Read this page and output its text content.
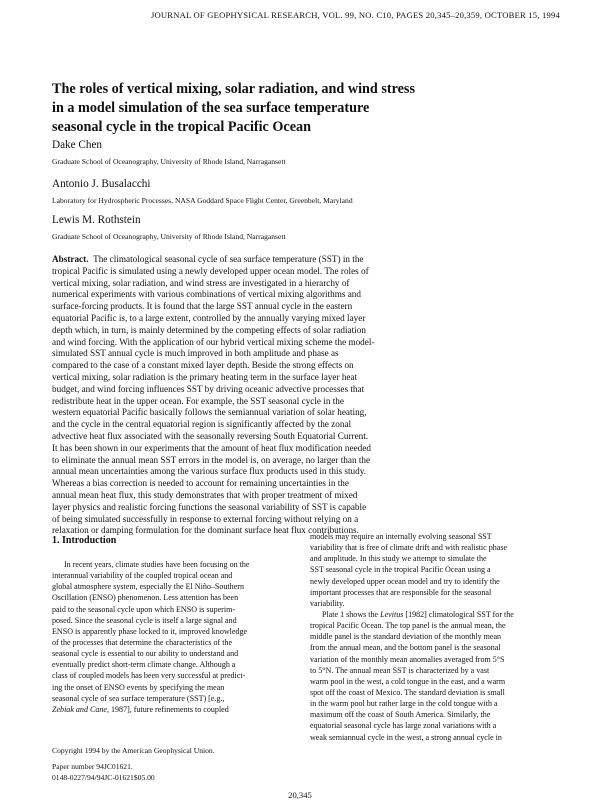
JOURNAL OF GEOPHYSICAL RESEARCH, VOL. 99, NO. C10, PAGES 20,345–20,359, OCTOBER 15, 1994
The roles of vertical mixing, solar radiation, and wind stress
in a model simulation of the sea surface temperature
seasonal cycle in the tropical Pacific Ocean
Dake Chen
Graduate School of Oceanography, University of Rhode Island, Narragansett
Antonio J. Busalacchi
Laboratory for Hydrospheric Processes, NASA Goddard Space Flight Center, Greenbelt, Maryland
Lewis M. Rothstein
Graduate School of Oceanography, University of Rhode Island, Narragansett
Abstract. The climatological seasonal cycle of sea surface temperature (SST) in the
tropical Pacific is simulated using a newly developed upper ocean model. The roles of
vertical mixing, solar radiation, and wind stress are investigated in a hierarchy of
numerical experiments with various combinations of vertical mixing algorithms and
surface-forcing products. It is found that the large SST annual cycle in the eastern
equatorial Pacific is, to a large extent, controlled by the annually varying mixed layer
depth which, in turn, is mainly determined by the competing effects of solar radiation
and wind forcing. With the application of our hybrid vertical mixing scheme the model-
simulated SST annual cycle is much improved in both amplitude and phase as
compared to the case of a constant mixed layer depth. Beside the strong effects on
vertical mixing, solar radiation is the primary heating term in the surface layer heat
budget, and wind forcing influences SST by driving oceanic advective processes that
redistribute heat in the upper ocean. For example, the SST seasonal cycle in the
western equatorial Pacific basically follows the semiannual variation of solar heating,
and the cycle in the central equatorial region is significantly affected by the zonal
advective heat flux associated with the seasonally reversing South Equatorial Current.
It has been shown in our experiments that the amount of heat flux modification needed
to eliminate the annual mean SST errors in the model is, on average, no larger than the
annual mean uncertainties among the various surface flux products used in this study.
Whereas a bias correction is needed to account for remaining uncertainties in the
annual mean heat flux, this study demonstrates that with proper treatment of mixed
layer physics and realistic forcing functions the seasonal variability of SST is capable
of being simulated successfully in response to external forcing without relying on a
relaxation or damping formulation for the dominant surface heat flux contributions.
1. Introduction
In recent years, climate studies have been focusing on the
interannual variability of the coupled tropical ocean and
global atmosphere system, especially the El Niño–Southern
Oscillation (ENSO) phenomenon. Less attention has been
paid to the seasonal cycle upon which ENSO is superim-
posed. Since the seasonal cycle is itself a large signal and
ENSO is apparently phase locked to it, improved knowledge
of the processes that determine the characteristics of the
seasonal cycle is essential to our ability to understand and
eventually predict short-term climate change. Although a
class of coupled models has been very successful at predict-
ing the onset of ENSO events by specifying the mean
seasonal cycle of sea surface temperature (SST) [e.g.,
Zebiak and Cane, 1987], future refinements to coupled
models may require an internally evolving seasonal SST
variability that is free of climate drift and with realistic phase
and amplitude. In this study we attempt to simulate the
SST seasonal cycle in the tropical Pacific Ocean using a
newly developed upper ocean model and try to identify the
important processes that are responsible for the seasonal
variability.
Plate 1 shows the Levitus [1982] climatological SST for the
tropical Pacific Ocean. The top panel is the annual mean, the
middle panel is the standard deviation of the monthly mean
from the annual mean, and the bottom panel is the seasonal
variation of the monthly mean anomalies averaged from 5°S
to 5°N. The annual mean SST is characterized by a vast
warm pool in the west, a cold tongue in the east, and a warm
spot off the coast of Mexico. The standard deviation is small
in the warm pool but rather large in the cold tongue with a
maximum off the coast of South America. Similarly, the
equatorial seasonal cycle has large zonal variations with a
weak semiannual cycle in the west, a strong annual cycle in
Copyright 1994 by the American Geophysical Union.
Paper number 94JC01621.
0148-0227/94/94JC-01621$05.00
20,345
